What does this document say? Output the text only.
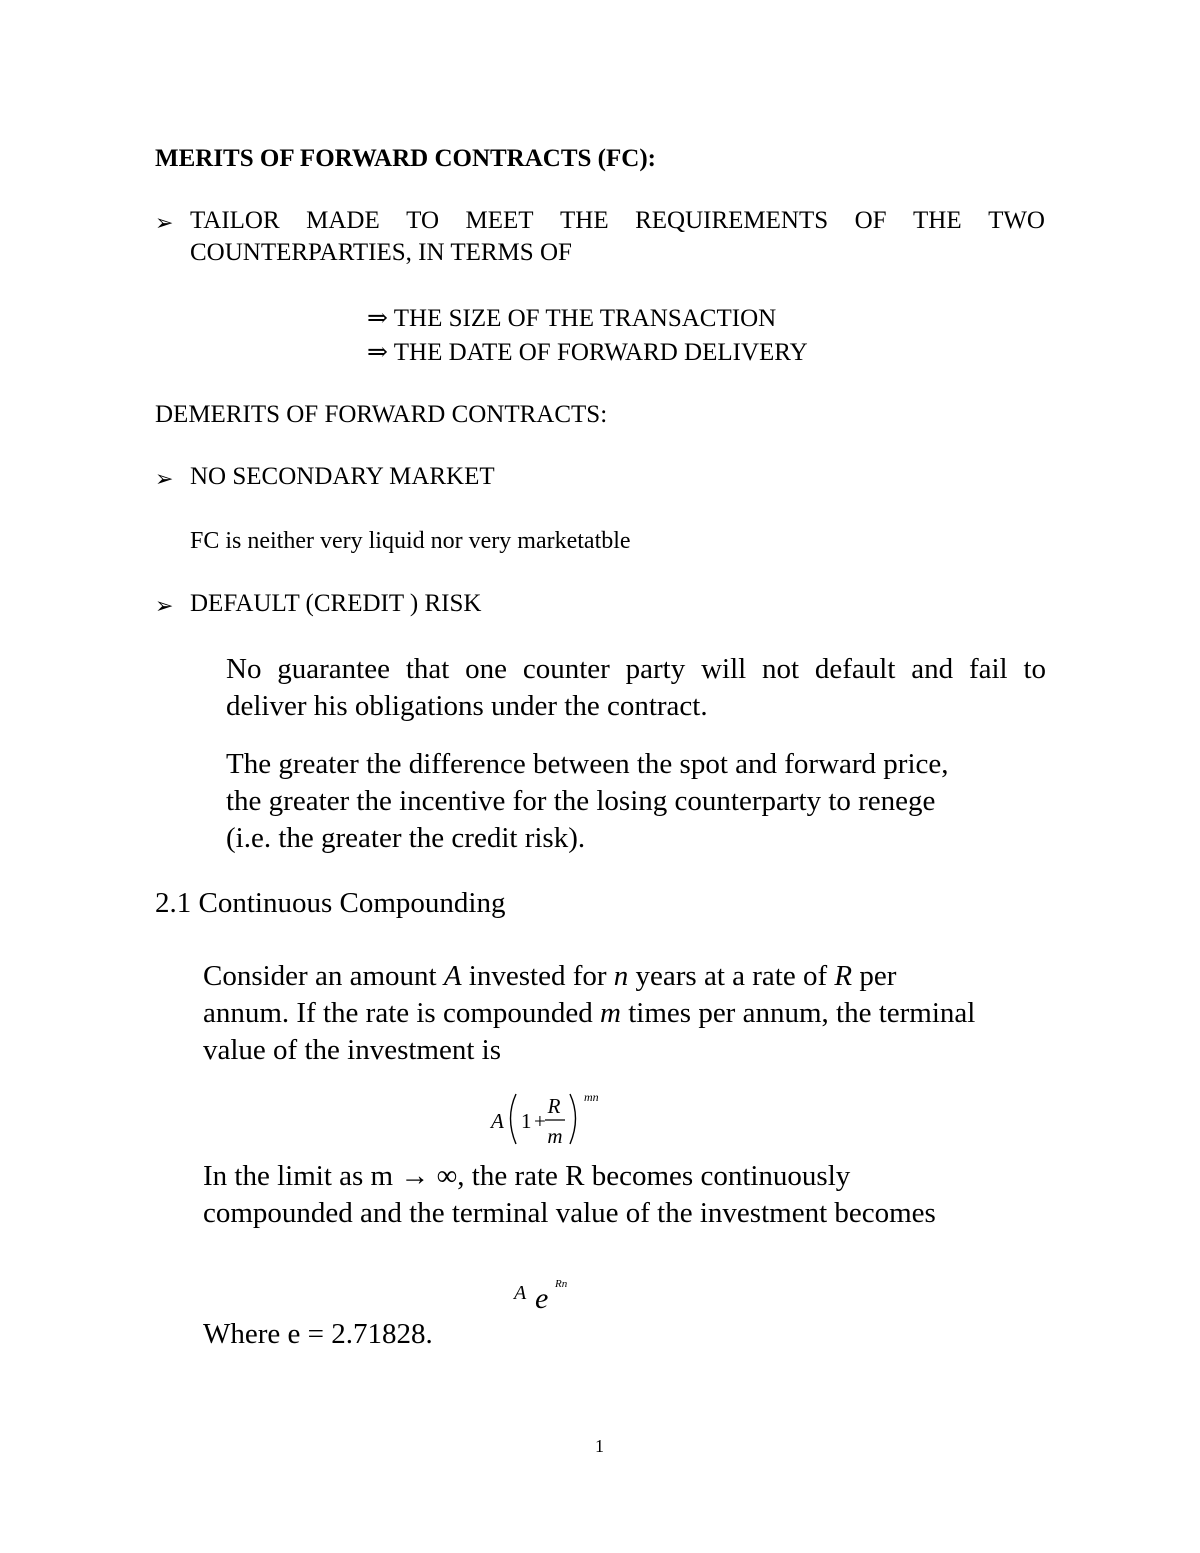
MERITS OF FORWARD CONTRACTS (FC):
➢ TAILOR MADE TO MEET THE REQUIREMENTS OF THE TWO
COUNTERPARTIES, IN TERMS OF
⇒ THE SIZE OF THE TRANSACTION
⇒ THE DATE OF FORWARD DELIVERY
DEMERITS OF FORWARD CONTRACTS:
➢ NO SECONDARY MARKET
FC is neither very liquid nor very marketatble
➢ DEFAULT (CREDIT ) RISK
No guarantee that one counter party will not default and fail to
deliver his obligations under the contract.
The greater the difference between the spot and forward price,
the greater the incentive for the losing counterparty to renege
(i.e. the greater the credit risk).
2.1 Continuous Compounding
Consider an amount A invested for n years at a rate of R per
annum. If the rate is compounded m times per annum, the terminal
value of the investment is
A 1 +
R
m
mn
In the limit as m → ∞, the rate R becomes continuously
compounded and the terminal value of the investment becomes
A e Rn
Where e = 2.71828.
1
